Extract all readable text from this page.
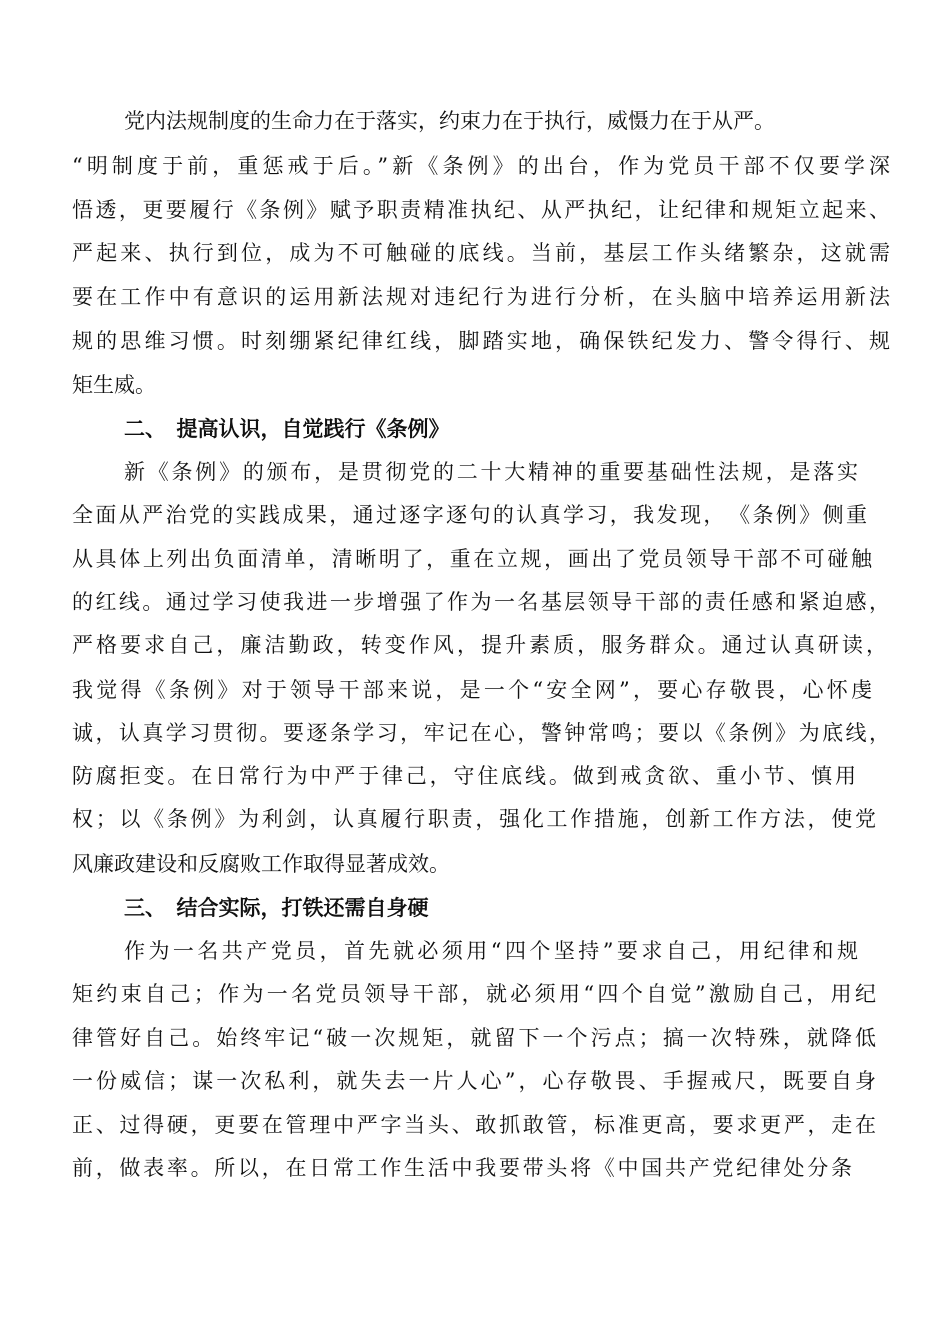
党内法规制度的生命力在于落实，约束力在于执行，威慑力在于从严。
“明制度于前，重惩戒于后。”新《条例》的出台，作为党员干部不仅要学深
悟透，更要履行《条例》赋予职责精准执纪、从严执纪，让纪律和规矩立起来、
严起来、执行到位，成为不可触碰的底线。当前，基层工作头绪繁杂，这就需
要在工作中有意识的运用新法规对违纪行为进行分析，在头脑中培养运用新法
规的思维习惯。时刻绷紧纪律红线，脚踏实地，确保铁纪发力、警令得行、规
矩生威。
二、　提高认识，自觉践行《条例》
新《条例》的颁布，是贯彻党的二十大精神的重要基础性法规，是落实
全面从严治党的实践成果，通过逐字逐句的认真学习，我发现，　《条例》侧重
从具体上列出负面清单，清晰明了，重在立规，画出了党员领导干部不可碰触
的红线。通过学习使我进一步增强了作为一名基层领导干部的责任感和紧迫感，
严格要求自己，廉洁勤政，转变作风，提升素质，服务群众。通过认真研读，
我觉得《条例》对于领导干部来说，是一个“安全网”，要心存敬畏，心怀虔
诚，认真学习贯彻。要逐条学习，牢记在心，警钟常鸣；要以《条例》为底线，
防腐拒变。在日常行为中严于律己，守住底线。做到戒贪欲、重小节、慎用
权；以《条例》为利剑，认真履行职责，强化工作措施，创新工作方法，使党
风廉政建设和反腐败工作取得显著成效。
三、　结合实际，打铁还需自身硬
作为一名共产党员，首先就必须用“四个坚持”要求自己，用纪律和规
矩约束自己；作为一名党员领导干部，就必须用“四个自觉”激励自己，用纪
律管好自己。始终牢记“破一次规矩，就留下一个污点；搞一次特殊，就降低
一份威信；谋一次私利，就失去一片人心”，心存敬畏、手握戒尺，既要自身
正、过得硬，更要在管理中严字当头、敢抓敢管，标准更高，要求更严，走在
前，做表率。所以，在日常工作生活中我要带头将《中国共产党纪律处分条
